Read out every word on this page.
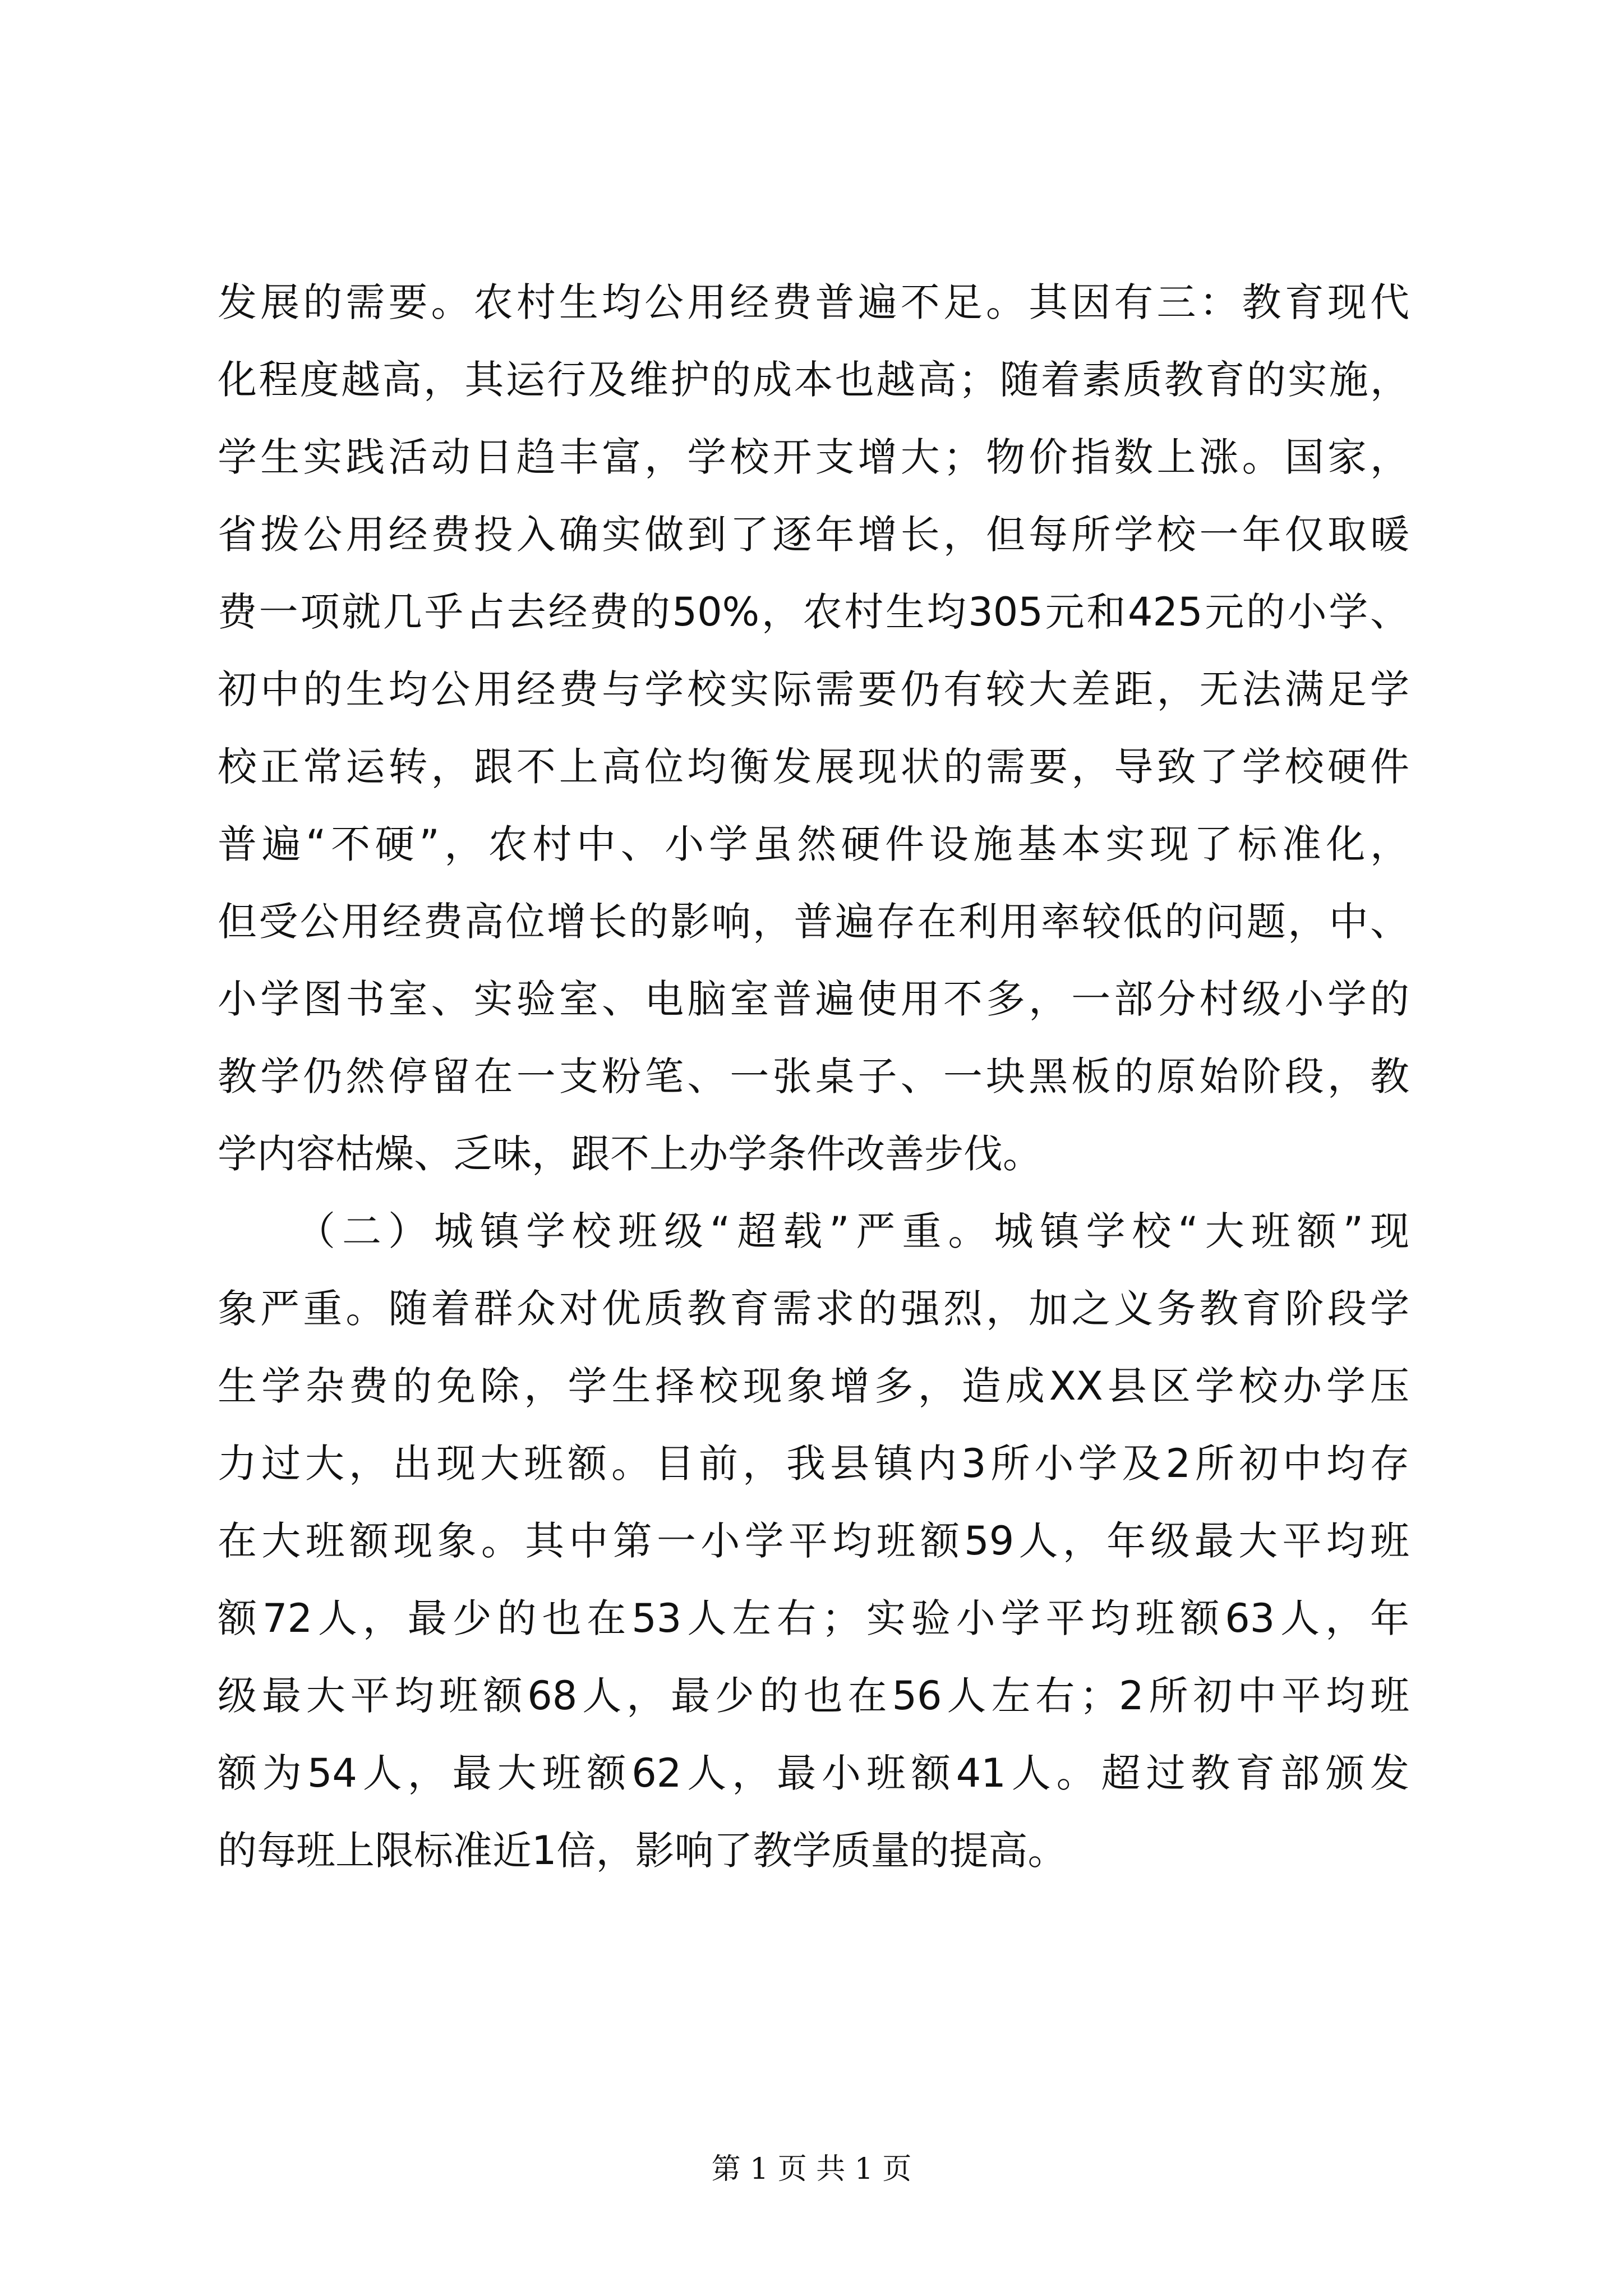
发展的需要。农村生均公用经费普遍不足。其因有三：教育现代
化程度越高，其运行及维护的成本也越高；随着素质教育的实施，
学生实践活动日趋丰富，学校开支增大；物价指数上涨。国家，
省拨公用经费投入确实做到了逐年增长，但每所学校一年仅取暖
费一项就几乎占去经费的50%，农村生均305元和425元的小学、
初中的生均公用经费与学校实际需要仍有较大差距，无法满足学
校正常运转，跟不上高位均衡发展现状的需要，导致了学校硬件
普遍“不硬”，农村中、小学虽然硬件设施基本实现了标准化，
但受公用经费高位增长的影响，普遍存在利用率较低的问题，中、
小学图书室、实验室、电脑室普遍使用不多，一部分村级小学的
教学仍然停留在一支粉笔、一张桌子、一块黑板的原始阶段，教
学内容枯燥、乏味，跟不上办学条件改善步伐。
（二）城镇学校班级“超载”严重。城镇学校“大班额”现
象严重。随着群众对优质教育需求的强烈，加之义务教育阶段学
生学杂费的免除，学生择校现象增多，造成XX县区学校办学压
力过大，出现大班额。目前，我县镇内3所小学及2所初中均存
在大班额现象。其中第一小学平均班额59人，年级最大平均班
额72人，最少的也在53人左右；实验小学平均班额63人，年
级最大平均班额68人，最少的也在56人左右；2所初中平均班
额为54人，最大班额62人，最小班额41人。超过教育部颁发
的每班上限标准近1倍，影响了教学质量的提高。
第 1 页 共 1 页
